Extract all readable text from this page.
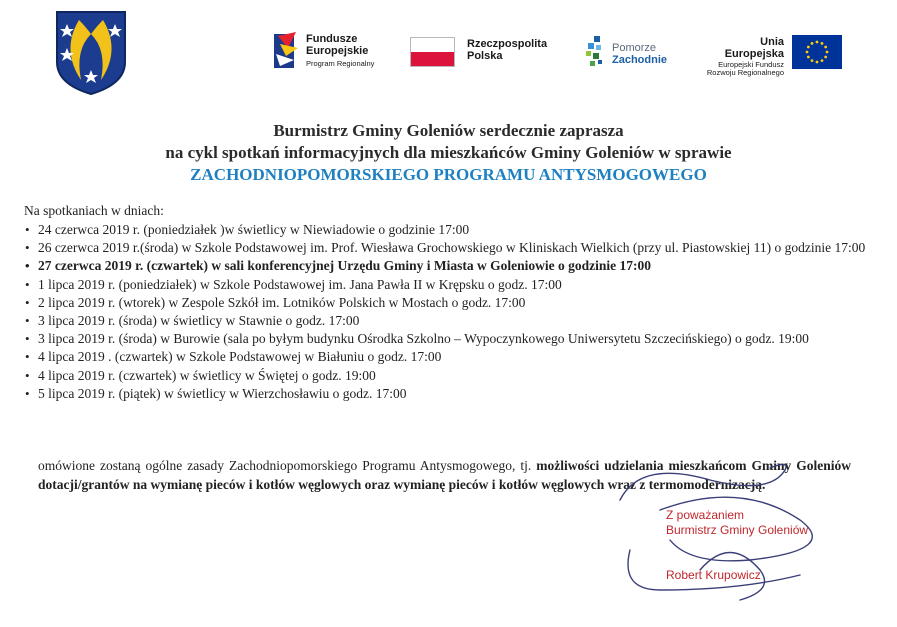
Fundusze
Europejskie
Program Regionalny
Rzeczpospolita
Polska
Pomorze
Zachodnie
Unia Europejska
Europejski Fundusz
Rozwoju Regionalnego
Burmistrz Gminy Goleniów serdecznie zaprasza
na cykl spotkań informacyjnych dla mieszkańców Gminy Goleniów w sprawie
ZACHODNIOPOMORSKIEGO PROGRAMU ANTYSMOGOWEGO
Na spotkaniach w dniach:
• 24 czerwca 2019 r. (poniedziałek )w świetlicy w Niewiadowie o godzinie 17:00
• 26 czerwca 2019 r.(środa) w Szkole Podstawowej im. Prof. Wiesława Grochowskiego w Kliniskach Wielkich (przy ul. Piastowskiej 11) o godzinie 17:00
• 27 czerwca 2019 r. (czwartek) w sali konferencyjnej Urzędu Gminy i Miasta w Goleniowie o godzinie 17:00
• 1 lipca 2019 r. (poniedziałek) w Szkole Podstawowej im. Jana Pawła II w Krępsku o godz. 17:00
• 2 lipca 2019 r. (wtorek) w Zespole Szkół im. Lotników Polskich w Mostach o godz. 17:00
• 3 lipca 2019 r. (środa) w świetlicy w Stawnie o godz. 17:00
• 3 lipca 2019 r. (środa) w Burowie (sala po byłym budynku Ośrodka Szkolno – Wypoczynkowego Uniwersytetu Szczecińskiego) o godz. 19:00
• 4 lipca 2019 . (czwartek) w Szkole Podstawowej w Białuniu o godz. 17:00
• 4 lipca 2019 r. (czwartek) w świetlicy w Świętej o godz. 19:00
• 5 lipca 2019 r. (piątek) w świetlicy w Wierzchosławiu o godz. 17:00
omówione zostaną ogólne zasady Zachodniopomorskiego Programu Antysmogowego, tj. możliwości udzielania mieszkańcom Gminy Goleniów dotacji/grantów na wymianę pieców i kotłów węglowych oraz wymianę pieców i kotłów węglowych wraz z termomodernizacją.
Z poważaniem
Burmistrz Gminy Goleniów
Robert Krupowicz
